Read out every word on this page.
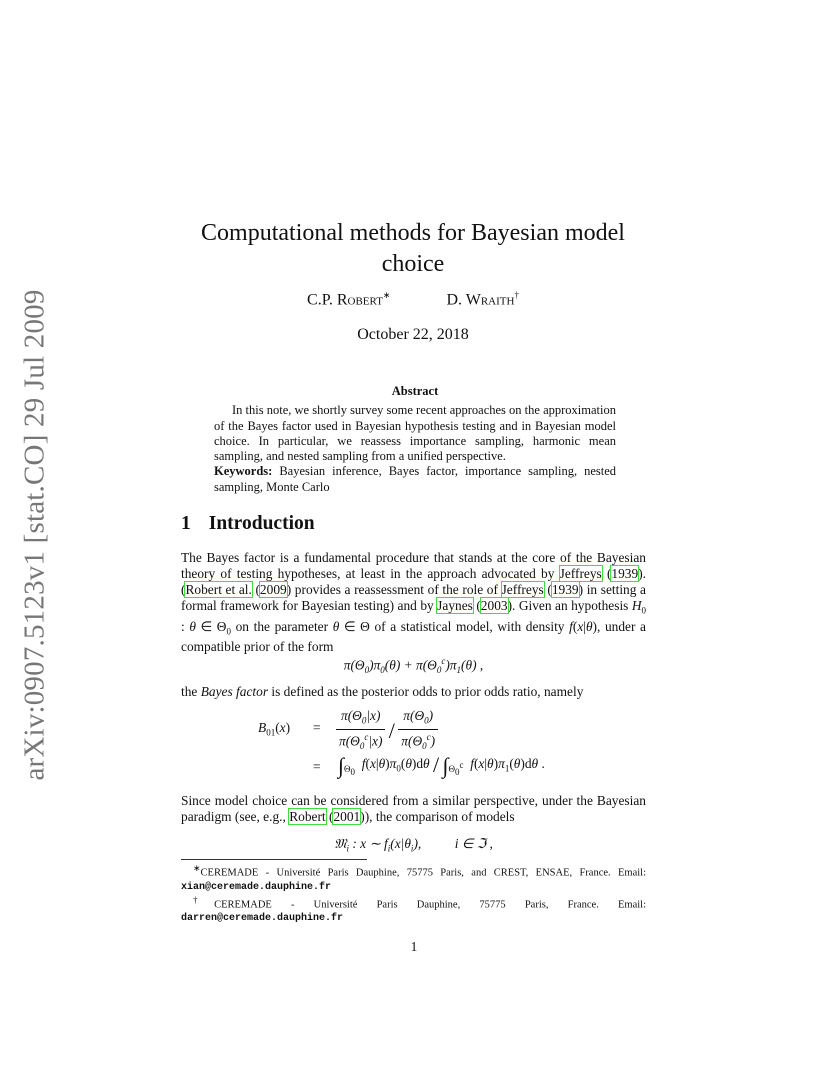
arXiv:0907.5123v1 [stat.CO] 29 Jul 2009
Computational methods for Bayesian model choice
C.P. Robert∗	D. Wraith†
October 22, 2018
Abstract

In this note, we shortly survey some recent approaches on the approximation of the Bayes factor used in Bayesian hypothesis testing and in Bayesian model choice. In particular, we reassess importance sampling, harmonic mean sampling, and nested sampling from a unified perspective.

Keywords: Bayesian inference, Bayes factor, importance sampling, nested sampling, Monte Carlo

1 Introduction
The Bayes factor is a fundamental procedure that stands at the core of the Bayesian theory of testing hypotheses, at least in the approach advocated by Jeffreys (1939). (Robert et al. (2009) provides a reassessment of the role of Jeffreys (1939) in setting a formal framework for Bayesian testing) and by Jaynes (2003). Given an hypothesis $H_0$ : θ ∈ $\Theta_0$ on the parameter θ ∈ Θ of a statistical model, with density f(x|θ), under a compatible prior of the form
$\pi(\Theta_0)\pi_0(\theta) + \pi(\Theta_0^c)\pi_1(\theta)$ ,
the Bayes factor is defined as the posterior odds to prior odds ratio, namely
$B_{01}(x) = \frac{\pi(\Theta_0|x)}{\pi(\Theta_0^c|x)} / \frac{\pi(\Theta_0)}{\pi(\Theta_0^c)}$
= $\int_{\Theta_0}$  $f(x|\theta)\pi_0(\theta)d\theta / \int_{\Theta_0^c}$ $f(x|\theta)\pi_1(\theta)d\theta$ .
Since model choice can be considered from a similar perspective, under the Bayesian paradigm (see, e.g., Robert (2001)), the comparison of models
𝔐$_i$ : x ∼ $f_i(x|\theta_i)$,          i ∈ ℑ ,

∗CEREMADE - Université Paris Dauphine, 75775 Paris, and CREST, ENSAE, France. Email: xian@ceremade.dauphine.fr

†CEREMADE - Université Paris Dauphine, 75775 Paris, France. Email: darren@ceremade.dauphine.fr

1
